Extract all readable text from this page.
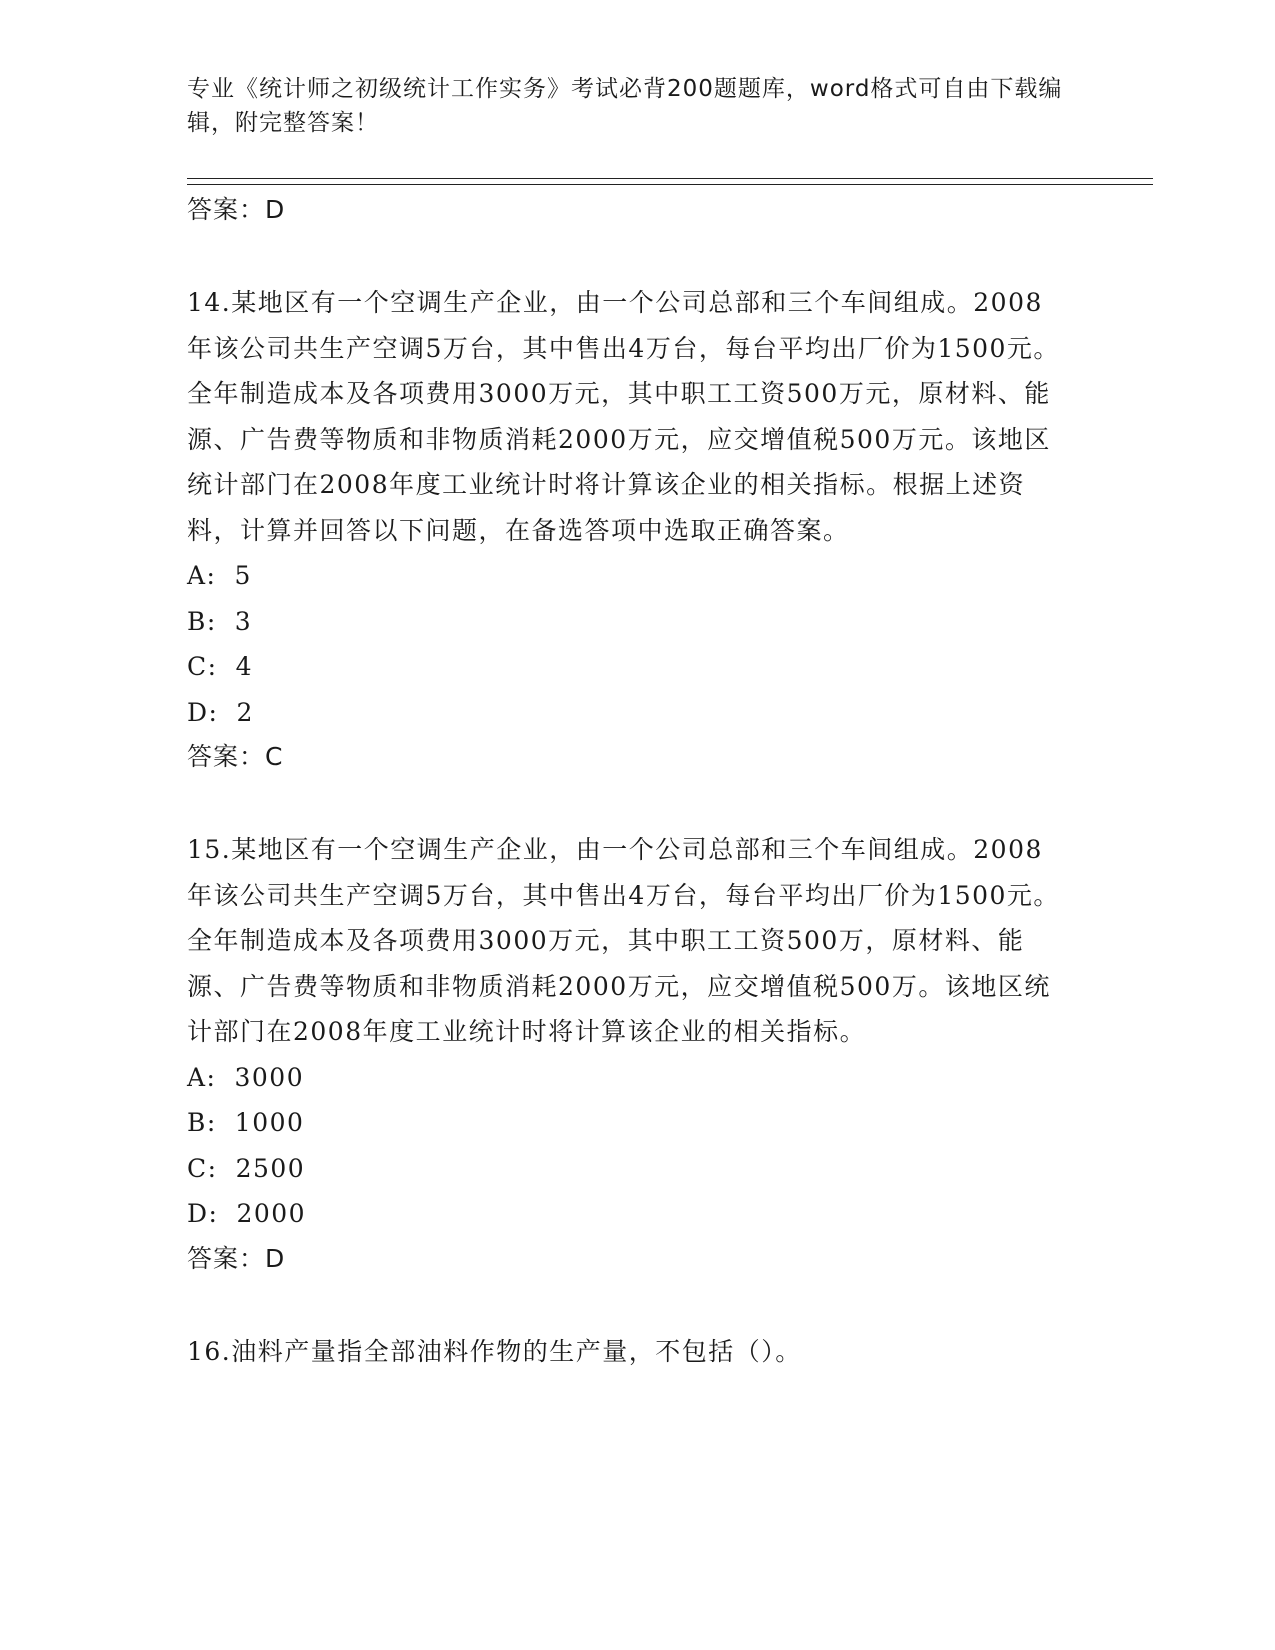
专业《统计师之初级统计工作实务》考试必背200题题库，word格式可自由下载编辑，附完整答案！
答案：D
14.某地区有一个空调生产企业，由一个公司总部和三个车间组成。2008年该公司共生产空调5万台，其中售出4万台，每台平均出厂价为1500元。全年制造成本及各项费用3000万元，其中职工工资500万元，原材料、能源、广告费等物质和非物质消耗2000万元，应交增值税500万元。该地区统计部门在2008年度工业统计时将计算该企业的相关指标。根据上述资料，计算并回答以下问题，在备选答项中选取正确答案。
A: 5
B: 3
C: 4
D: 2
答案：C
15.某地区有一个空调生产企业，由一个公司总部和三个车间组成。2008年该公司共生产空调5万台，其中售出4万台，每台平均出厂价为1500元。全年制造成本及各项费用3000万元，其中职工工资500万，原材料、能源、广告费等物质和非物质消耗2000万元，应交增值税500万。该地区统计部门在2008年度工业统计时将计算该企业的相关指标。
A: 3000
B: 1000
C: 2500
D: 2000
答案：D
16.油料产量指全部油料作物的生产量，不包括（）。
